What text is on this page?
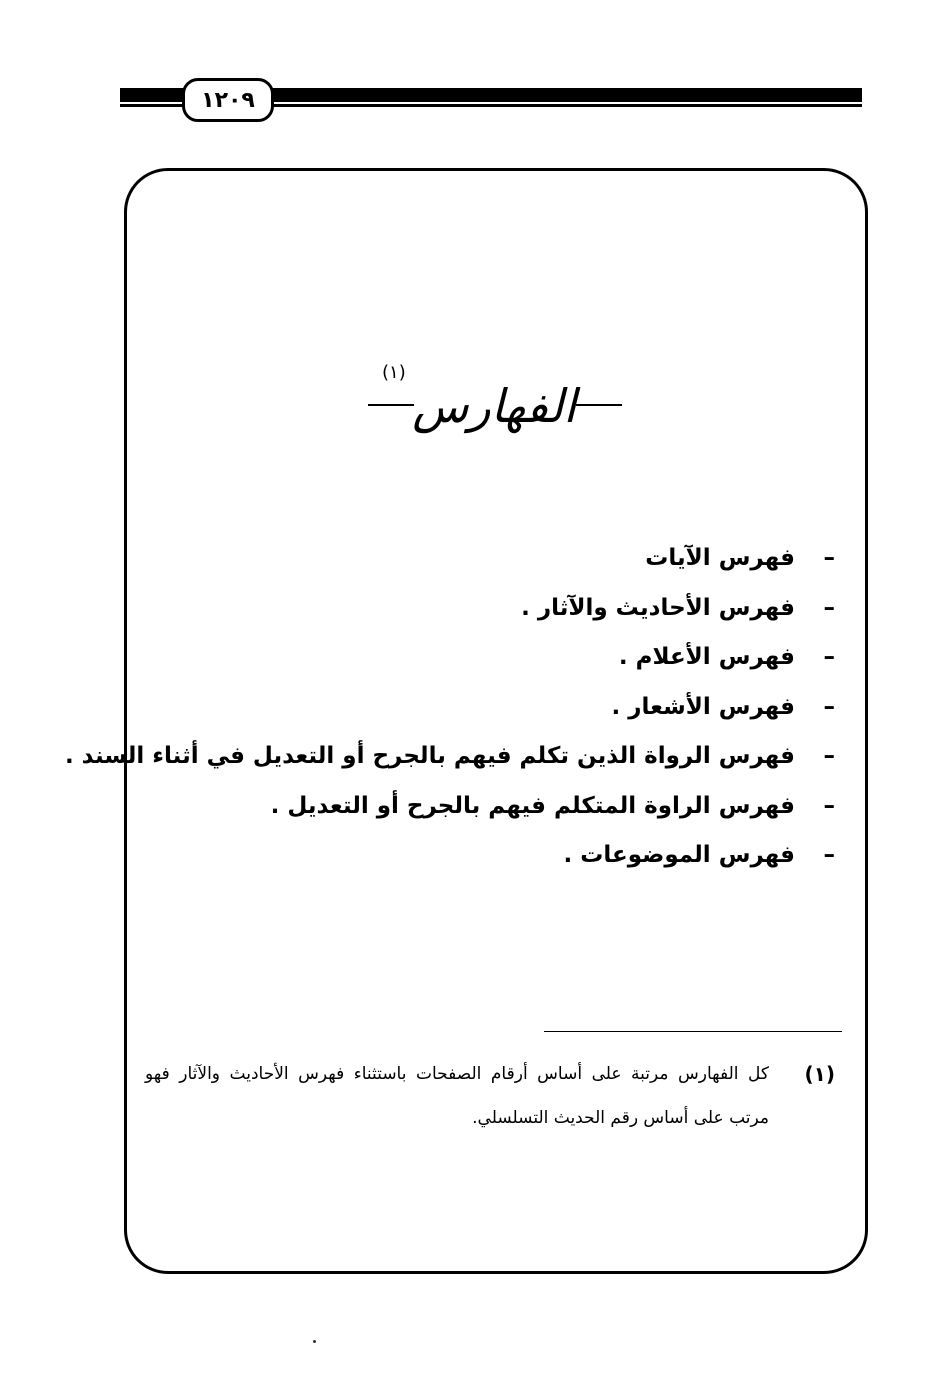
١٢٠٩
الفهارس
(١)
–فهرس الآيات
–فهرس الأحاديث والآثار .
–فهرس الأعلام .
–فهرس الأشعار .
–فهرس الرواة الذين تكلم فيهم بالجرح أو التعديل في أثناء السند .
–فهرس الراوة المتكلم فيهم بالجرح أو التعديل .
–فهرس الموضوعات .
(١)
كل الفهارس مرتبة على أساس أرقام الصفحات باستثناء فهرس الأحاديث والآثار فهو مرتب على أساس رقم الحديث التسلسلي.
